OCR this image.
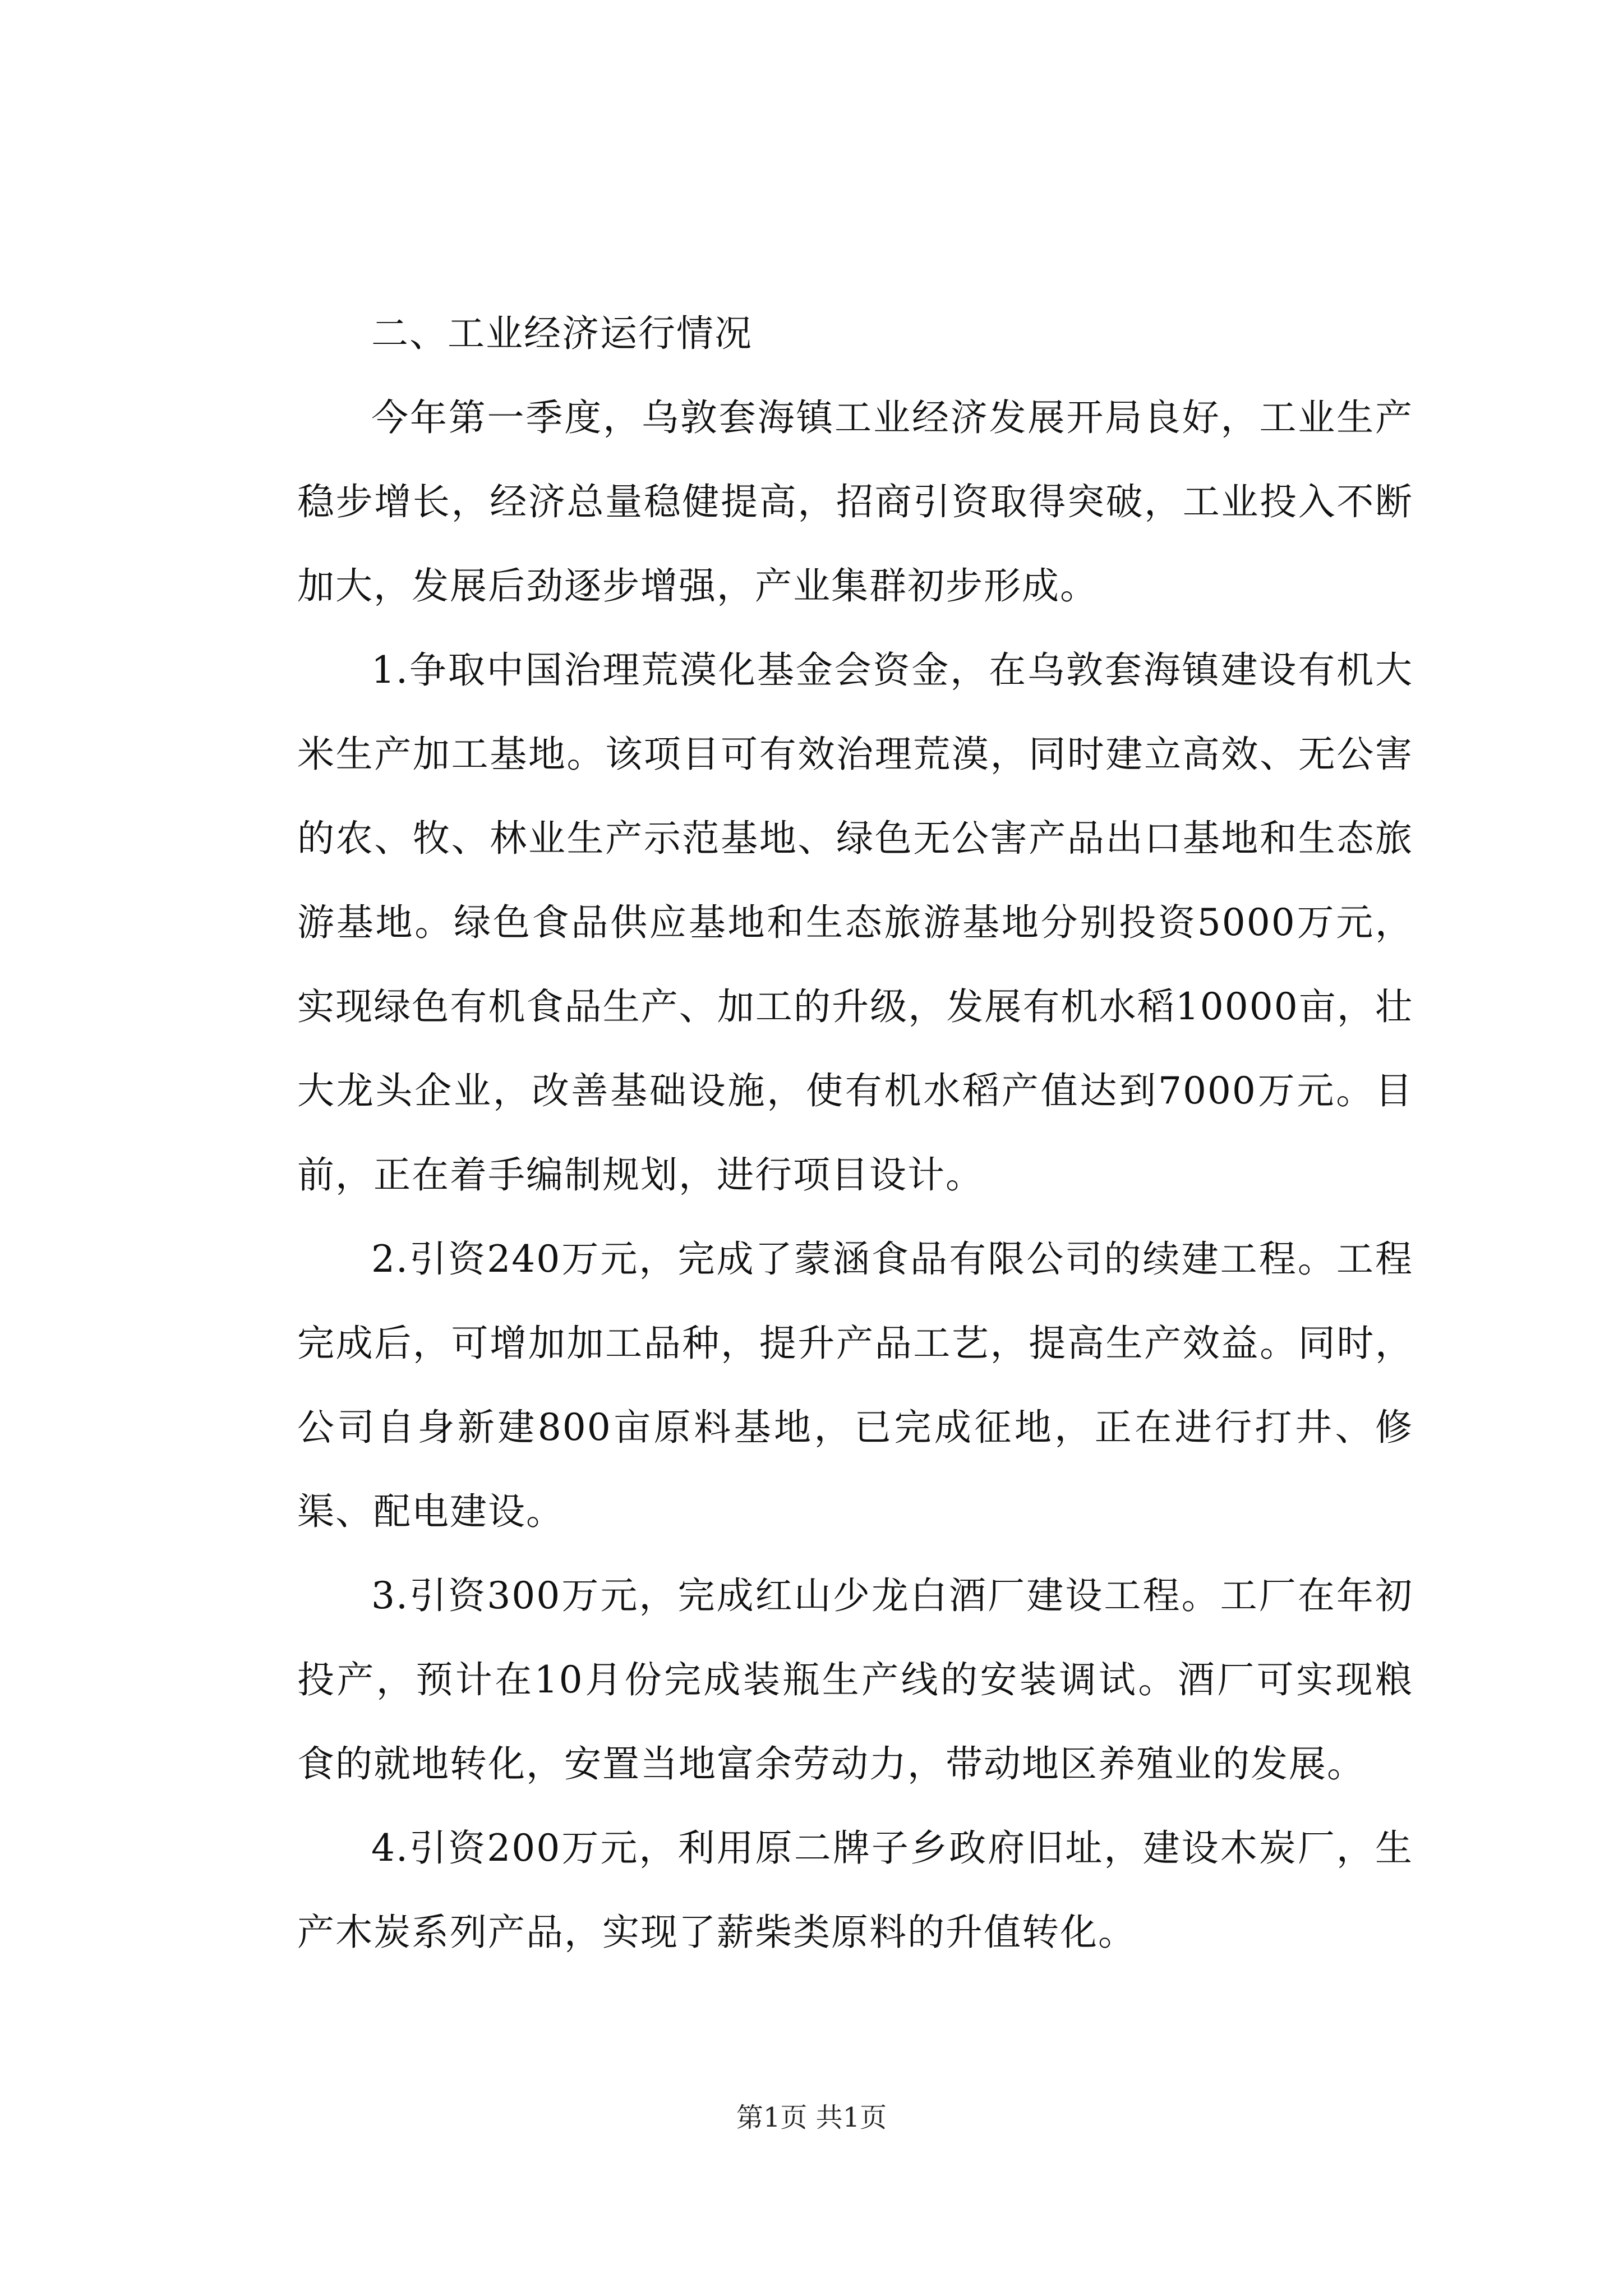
二、工业经济运行情况

今年第一季度，乌敦套海镇工业经济发展开局良好，工业生产稳步增长，经济总量稳健提高，招商引资取得突破，工业投入不断加大，发展后劲逐步增强，产业集群初步形成。

1.争取中国治理荒漠化基金会资金，在乌敦套海镇建设有机大米生产加工基地。该项目可有效治理荒漠，同时建立高效、无公害的农、牧、林业生产示范基地、绿色无公害产品出口基地和生态旅游基地。绿色食品供应基地和生态旅游基地分别投资5000万元，实现绿色有机食品生产、加工的升级，发展有机水稻10000亩，壮大龙头企业，改善基础设施，使有机水稻产值达到7000万元。目前，正在着手编制规划，进行项目设计。

2.引资240万元，完成了蒙涵食品有限公司的续建工程。工程完成后，可增加加工品种，提升产品工艺，提高生产效益。同时，公司自身新建800亩原料基地，已完成征地，正在进行打井、修渠、配电建设。

3.引资300万元，完成红山少龙白酒厂建设工程。工厂在年初投产，预计在10月份完成装瓶生产线的安装调试。酒厂可实现粮食的就地转化，安置当地富余劳动力，带动地区养殖业的发展。

4.引资200万元，利用原二牌子乡政府旧址，建设木炭厂，生产木炭系列产品，实现了薪柴类原料的升值转化。

第1页 共1页
